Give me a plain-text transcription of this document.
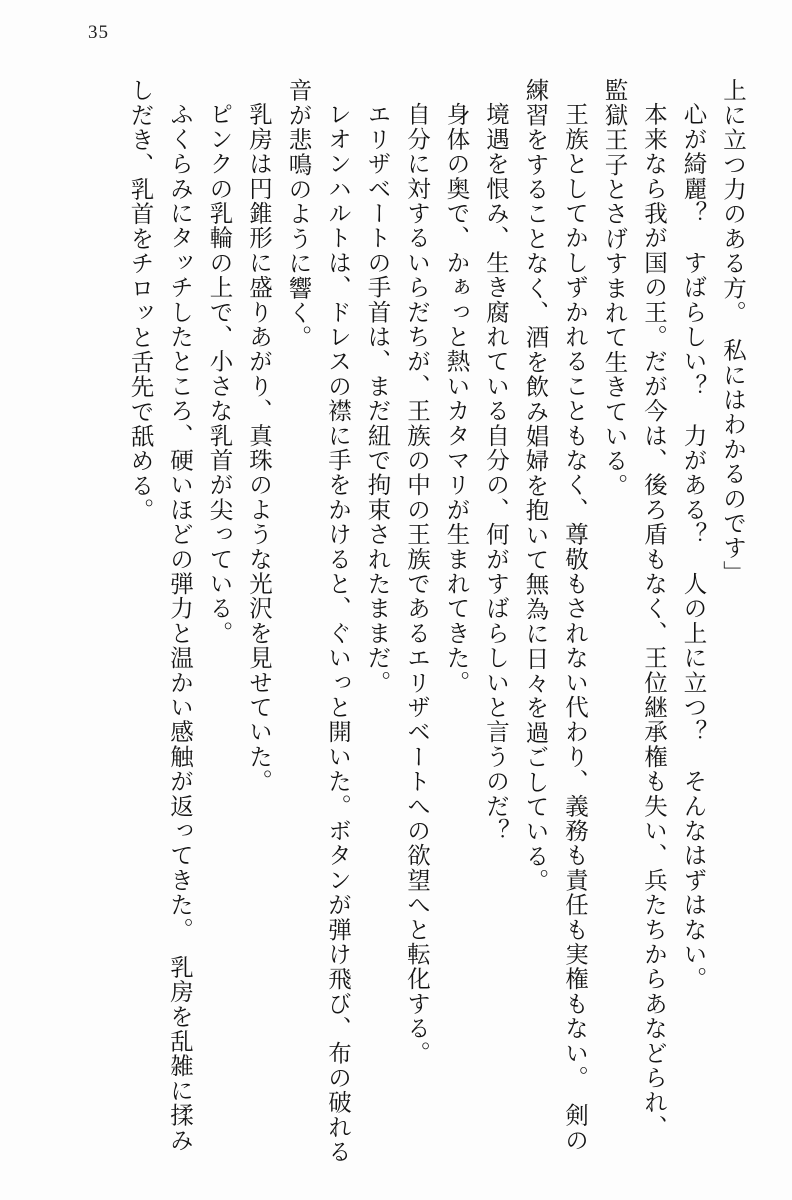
35

上に立つ力のある方。　私にはわかるのです」

心が綺麗？　すばらしい？　力がある？　人の上に立つ？　そんなはずはない。

本来なら我が国の王。だが今は、後ろ盾もなく、王位継承権も失い、兵たちからあなどられ、　監獄王子とさげすまれて生きている。

王族としてかしずかれることもなく、尊敬もされない代わり、義務も責任も実権もない。　剣の練習をすることなく、酒を飲み娼婦を抱いて無為に日々を過ごしている。

境遇を恨み、生き腐れている自分の、何がすばらしいと言うのだ？

身体の奥で、かぁっと熱いカタマリが生まれてきた。

自分に対するいらだちが、王族の中の王族であるエリザベートへの欲望へと転化する。

エリザベートの手首は、まだ紐で拘束されたままだ。

レオンハルトは、ドレスの襟に手をかけると、ぐいっと開いた。ボタンが弾け飛び、布の破れる音が悲鳴のように響く。

乳房は円錐形に盛りあがり、真珠のような光沢を見せていた。

ピンクの乳輪の上で、小さな乳首が尖っている。

ふくらみにタッチしたところ、硬いほどの弾力と温かい感触が返ってきた。　乳房を乱雑に揉みしだき、乳首をチロッと舌先で舐める。
